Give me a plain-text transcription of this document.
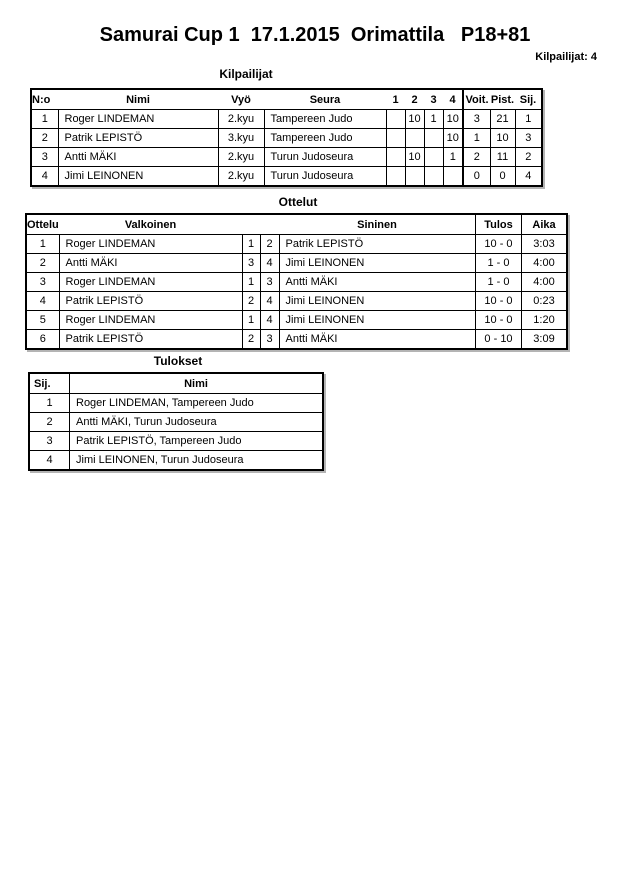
Samurai Cup 1  17.1.2015  Orimattila   P18+81
Kilpailijat: 4
Kilpailijat
N:o	Nimi	Vyö	Seura	1	2	3	4	Voit.	Pist.	Sij.
1	Roger LINDEMAN	2.kyu	Tampereen Judo		10	1	10	3	21	1
2	Patrik LEPISTÖ	3.kyu	Tampereen Judo				10	1	10	3
3	Antti MÄKI	2.kyu	Turun Judoseura		10		1	2	11	2
4	Jimi LEINONEN	2.kyu	Turun Judoseura					0	0	4
Ottelut
Ottelu	Valkoinen			Sininen	Tulos	Aika
1	Roger LINDEMAN	1	2	Patrik LEPISTÖ	10 - 0	3:03
2	Antti MÄKI	3	4	Jimi LEINONEN	1 - 0	4:00
3	Roger LINDEMAN	1	3	Antti MÄKI	1 - 0	4:00
4	Patrik LEPISTÖ	2	4	Jimi LEINONEN	10 - 0	0:23
5	Roger LINDEMAN	1	4	Jimi LEINONEN	10 - 0	1:20
6	Patrik LEPISTÖ	2	3	Antti MÄKI	0 - 10	3:09
Tulokset
Sij.	Nimi
1	Roger LINDEMAN, Tampereen Judo
2	Antti MÄKI, Turun Judoseura
3	Patrik LEPISTÖ, Tampereen Judo
4	Jimi LEINONEN, Turun Judoseura
